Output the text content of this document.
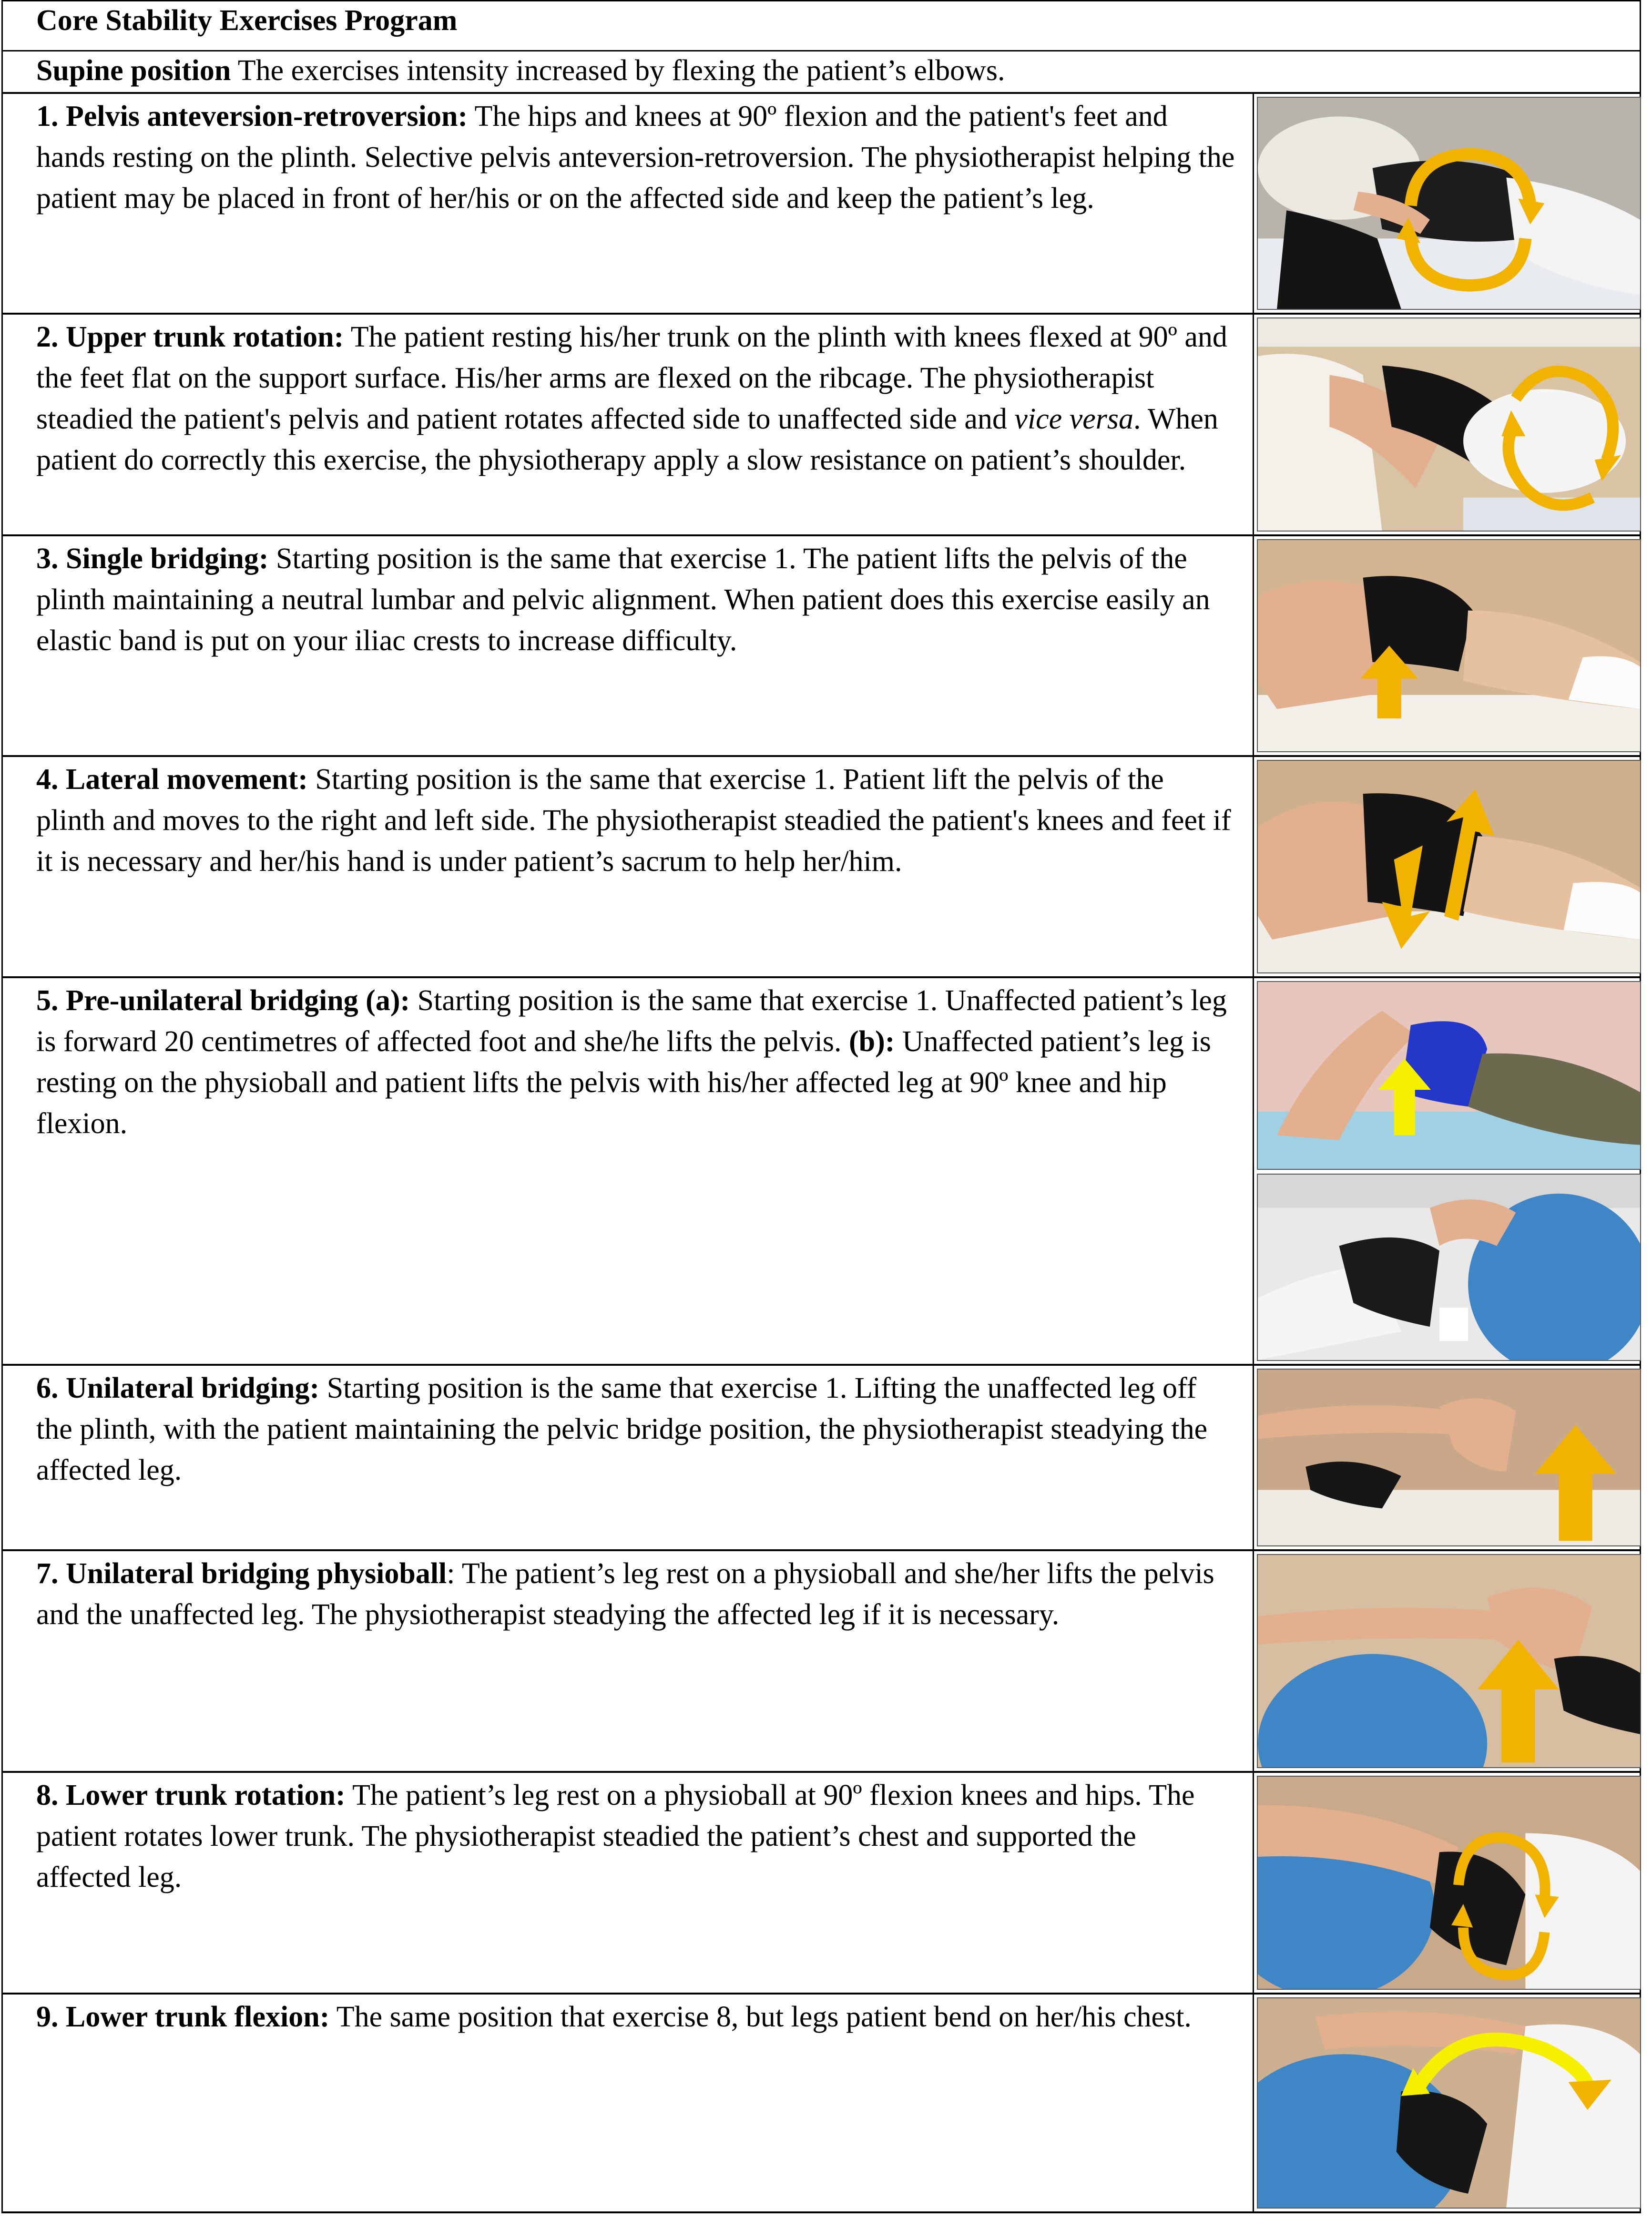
Core Stability Exercises Program
Supine position The exercises intensity increased by flexing the patient’s elbows.

1. Pelvis anteversion-retroversion: The hips and knees at 90º flexion and the patient's feet and hands resting on the plinth. Selective pelvis anteversion-retroversion. The physiotherapist helping the patient may be placed in front of her/his or on the affected side and keep the patient’s leg.

2. Upper trunk rotation: The patient resting his/her trunk on the plinth with knees flexed at 90º and the feet flat on the support surface. His/her arms are flexed on the ribcage. The physiotherapist steadied the patient's pelvis and patient rotates affected side to unaffected side and vice versa. When patient do correctly this exercise, the physiotherapy apply a slow resistance on patient’s shoulder.

3. Single bridging: Starting position is the same that exercise 1. The patient lifts the pelvis of the plinth maintaining a neutral lumbar and pelvic alignment. When patient does this exercise easily an elastic band is put on your iliac crests to increase difficulty.

4. Lateral movement: Starting position is the same that exercise 1. Patient lift the pelvis of the plinth and moves to the right and left side. The physiotherapist steadied the patient's knees and feet if it is necessary and her/his hand is under patient’s sacrum to help her/him.

5. Pre-unilateral bridging (a): Starting position is the same that exercise 1. Unaffected patient’s leg is forward 20 centimetres of affected foot and she/he lifts the pelvis. (b): Unaffected patient’s leg is resting on the physioball and patient lifts the pelvis with his/her affected leg at 90º knee and hip flexion.

6. Unilateral bridging: Starting position is the same that exercise 1. Lifting the unaffected leg off the plinth, with the patient maintaining the pelvic bridge position, the physiotherapist steadying the affected leg.

7. Unilateral bridging physioball: The patient’s leg rest on a physioball and she/her lifts the pelvis and the unaffected leg. The physiotherapist steadying the affected leg if it is necessary.

8. Lower trunk rotation: The patient’s leg rest on a physioball at 90º flexion knees and hips. The patient rotates lower trunk. The physiotherapist steadied the patient’s chest and supported the affected leg.

9. Lower trunk flexion: The same position that exercise 8, but legs patient bend on her/his chest.
